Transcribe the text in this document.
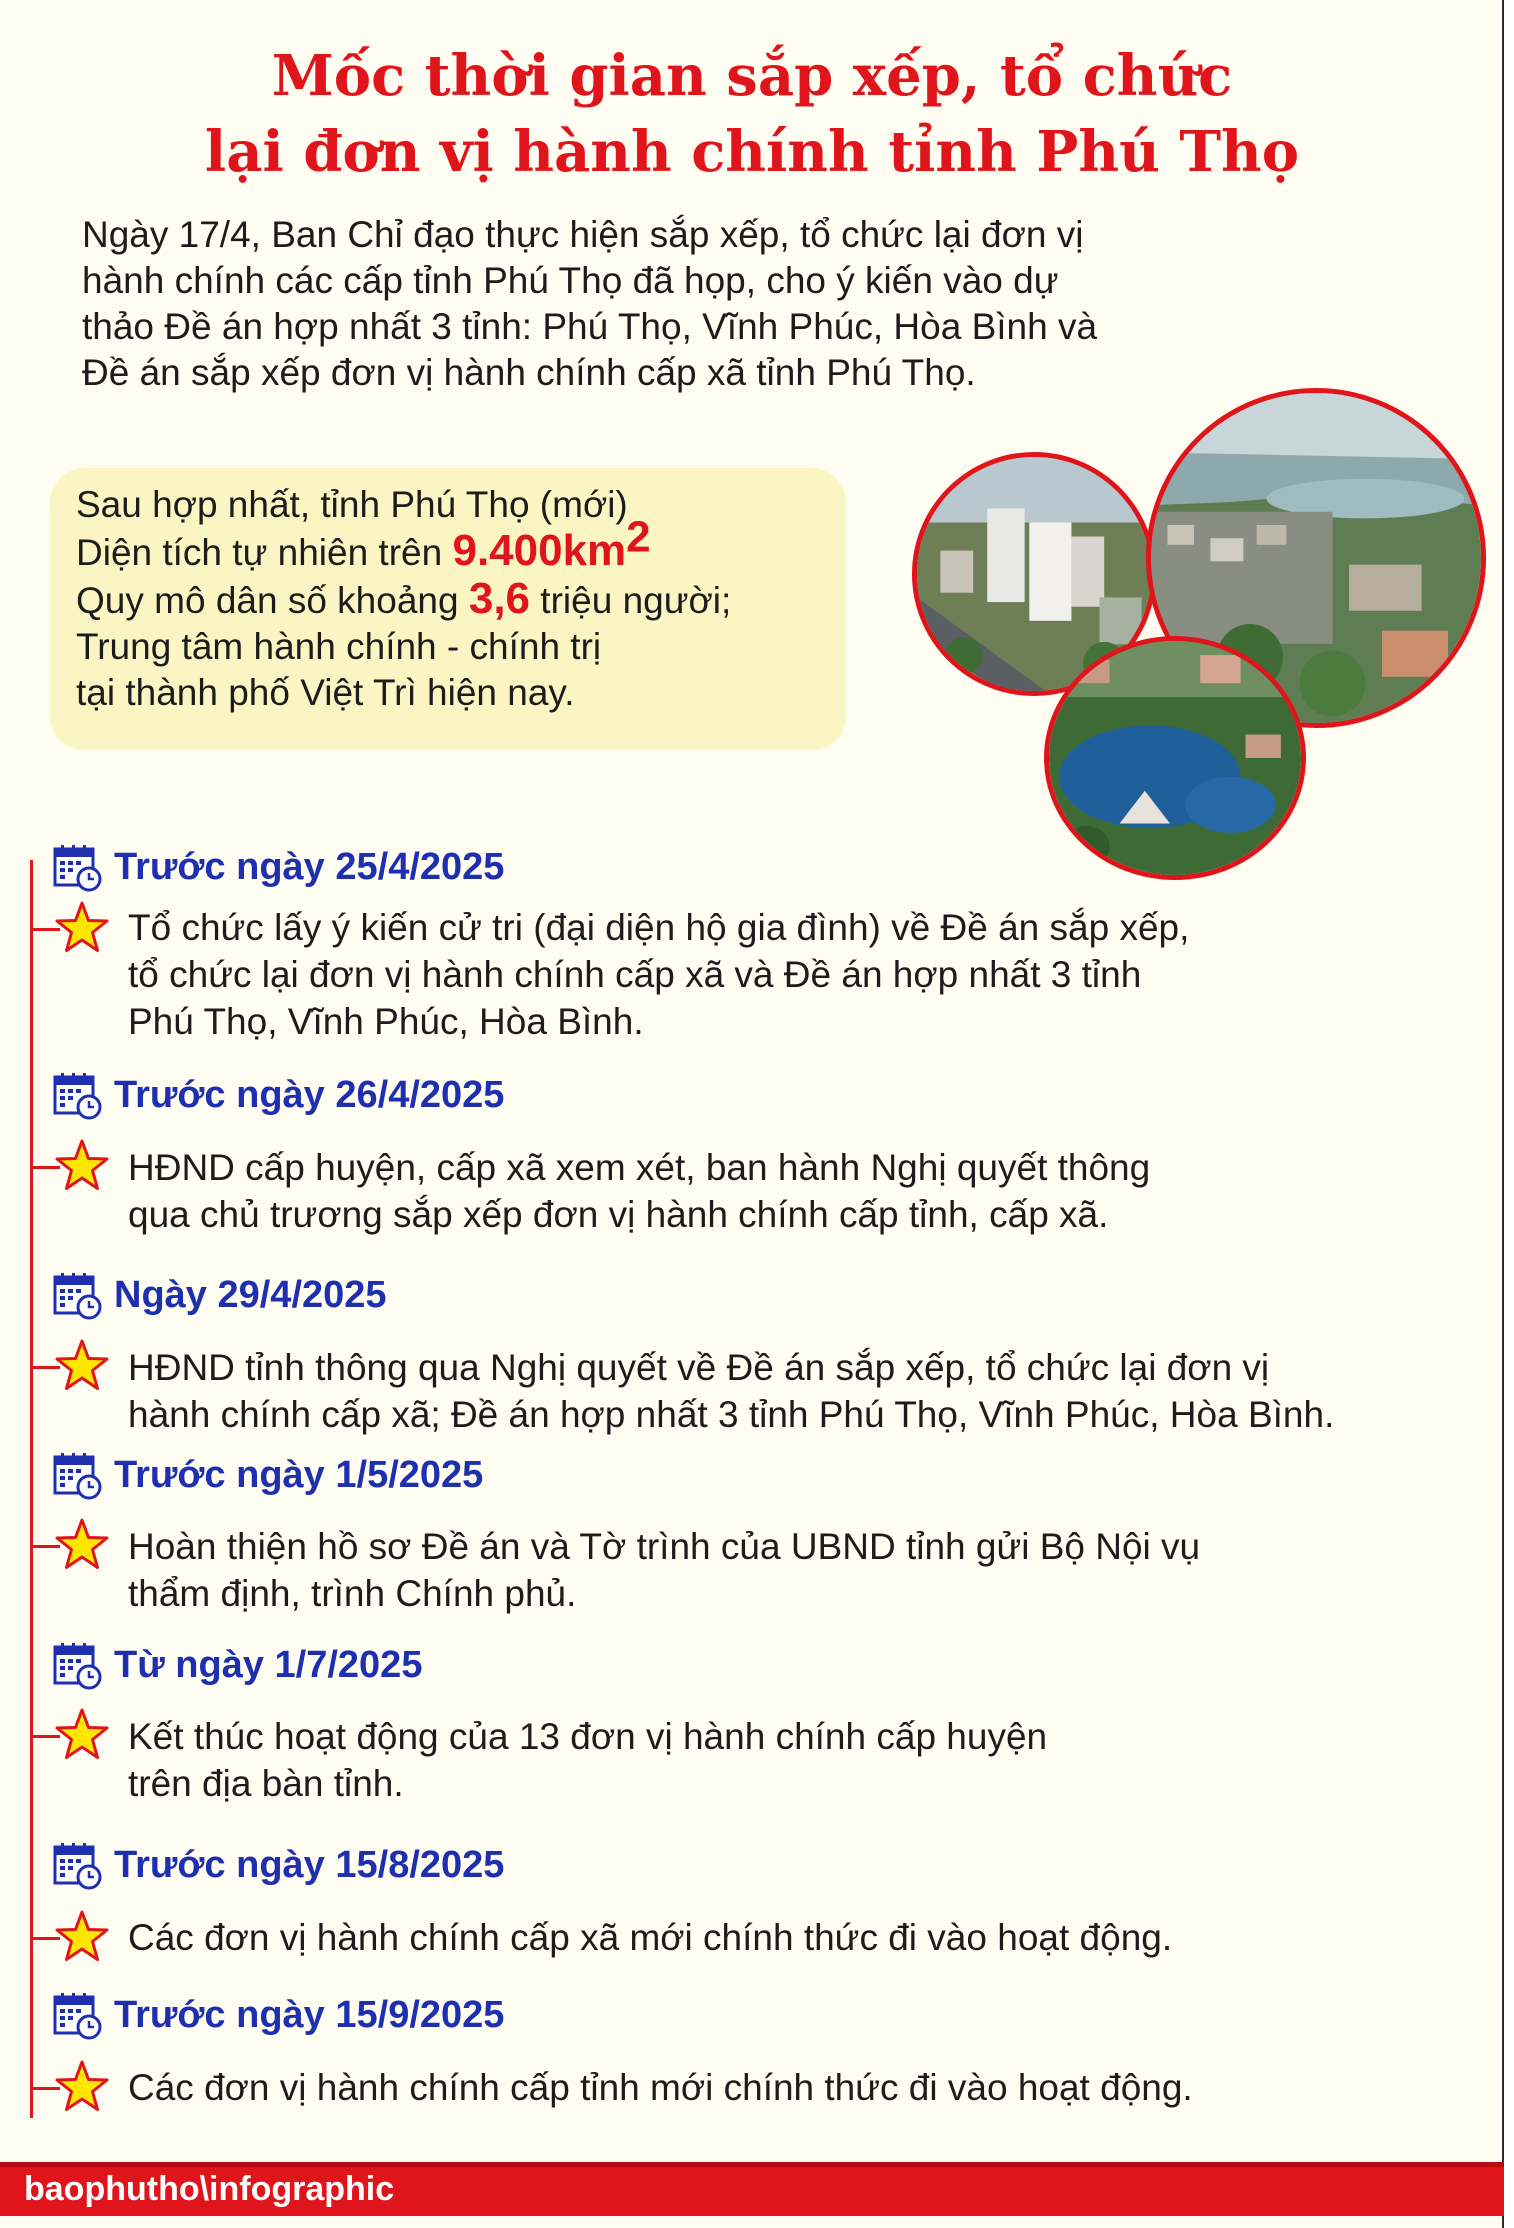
Mốc thời gian sắp xếp, tổ chức
lại đơn vị hành chính tỉnh Phú Thọ

Ngày 17/4, Ban Chỉ đạo thực hiện sắp xếp, tổ chức lại đơn vị
hành chính các cấp tỉnh Phú Thọ đã họp, cho ý kiến vào dự
thảo Đề án hợp nhất 3 tỉnh: Phú Thọ, Vĩnh Phúc, Hòa Bình và
Đề án sắp xếp đơn vị hành chính cấp xã tỉnh Phú Thọ.

Sau hợp nhất, tỉnh Phú Thọ (mới)
Diện tích tự nhiên trên $9.400km^2$
Quy mô dân số khoảng 3,6 triệu người;
Trung tâm hành chính - chính trị
tại thành phố Việt Trì hiện nay.
Trước ngày 25/4/2025
Tổ chức lấy ý kiến cử tri (đại diện hộ gia đình) về Đề án sắp xếp,
tổ chức lại đơn vị hành chính cấp xã và Đề án hợp nhất 3 tỉnh
Phú Thọ, Vĩnh Phúc, Hòa Bình.
Trước ngày 26/4/2025
HĐND cấp huyện, cấp xã xem xét, ban hành Nghị quyết thông
qua chủ trương sắp xếp đơn vị hành chính cấp tỉnh, cấp xã.
Ngày 29/4/2025
HĐND tỉnh thông qua Nghị quyết về Đề án sắp xếp, tổ chức lại đơn vị
hành chính cấp xã; Đề án hợp nhất 3 tỉnh Phú Thọ, Vĩnh Phúc, Hòa Bình.
Trước ngày 1/5/2025
Hoàn thiện hồ sơ Đề án và Tờ trình của UBND tỉnh gửi Bộ Nội vụ
thẩm định, trình Chính phủ.
Từ ngày 1/7/2025
Kết thúc hoạt động của 13 đơn vị hành chính cấp huyện
trên địa bàn tỉnh.
Trước ngày 15/8/2025
Các đơn vị hành chính cấp xã mới chính thức đi vào hoạt động.
Trước ngày 15/9/2025
Các đơn vị hành chính cấp tỉnh mới chính thức đi vào hoạt động.
baophutho\infographic
